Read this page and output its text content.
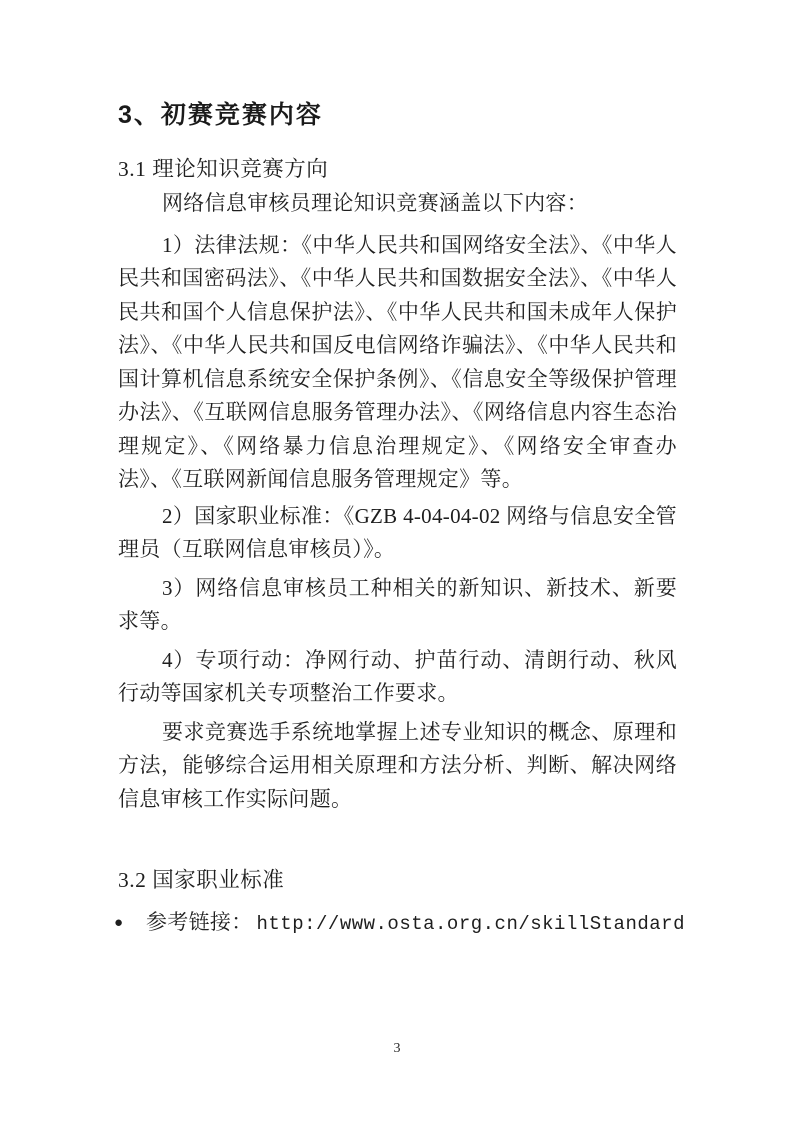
3、初赛竞赛内容
3.1 理论知识竞赛方向

网络信息审核员理论知识竞赛涵盖以下内容：

1）法律法规：《中华人民共和国网络安全法》、《中华人民共和国密码法》、《中华人民共和国数据安全法》、《中华人民共和国个人信息保护法》、《中华人民共和国未成年人保护法》、《中华人民共和国反电信网络诈骗法》、《中华人民共和国计算机信息系统安全保护条例》、《信息安全等级保护管理办法》、《互联网信息服务管理办法》、《网络信息内容生态治理规定》、《网络暴力信息治理规定》、《网络安全审查办法》、《互联网新闻信息服务管理规定》等。

2）国家职业标准：《GZB 4-04-04-02 网络与信息安全管理员（互联网信息审核员）》。

3）网络信息审核员工种相关的新知识、新技术、新要求等。

4）专项行动：净网行动、护苗行动、清朗行动、秋风行动等国家机关专项整治工作要求。

要求竞赛选手系统地掌握上述专业知识的概念、原理和方法，能够综合运用相关原理和方法分析、判断、解决网络信息审核工作实际问题。

3.2 国家职业标准
●	参考链接： http://www.osta.org.cn/skillStandard
3
